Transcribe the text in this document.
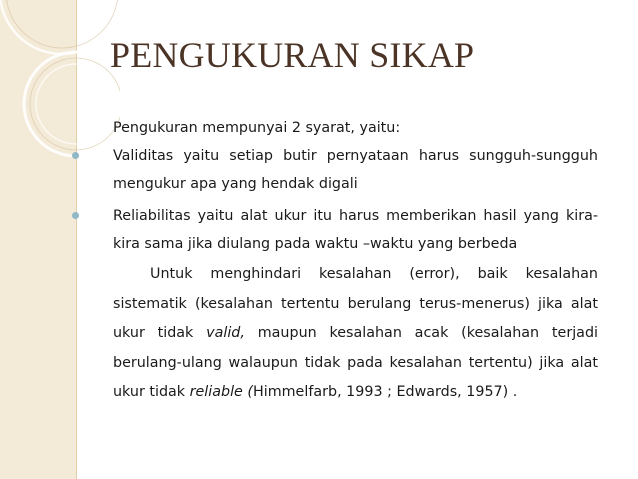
PENGUKURAN SIKAP

Pengukuran mempunyai 2 syarat, yaitu:

Validitas yaitu setiap butir pernyataan harus sungguh-sungguh mengukur apa yang hendak digali
Reliabilitas yaitu alat ukur itu harus memberikan hasil yang kira-kira sama jika diulang pada waktu –waktu yang berbeda

Untuk menghindari kesalahan (error), baik kesalahan sistematik (kesalahan tertentu berulang terus-menerus) jika alat ukur tidak valid, maupun kesalahan acak (kesalahan terjadi berulang-ulang walaupun tidak pada kesalahan tertentu) jika alat ukur tidak reliable (Himmelfarb, 1993 ; Edwards, 1957) .
